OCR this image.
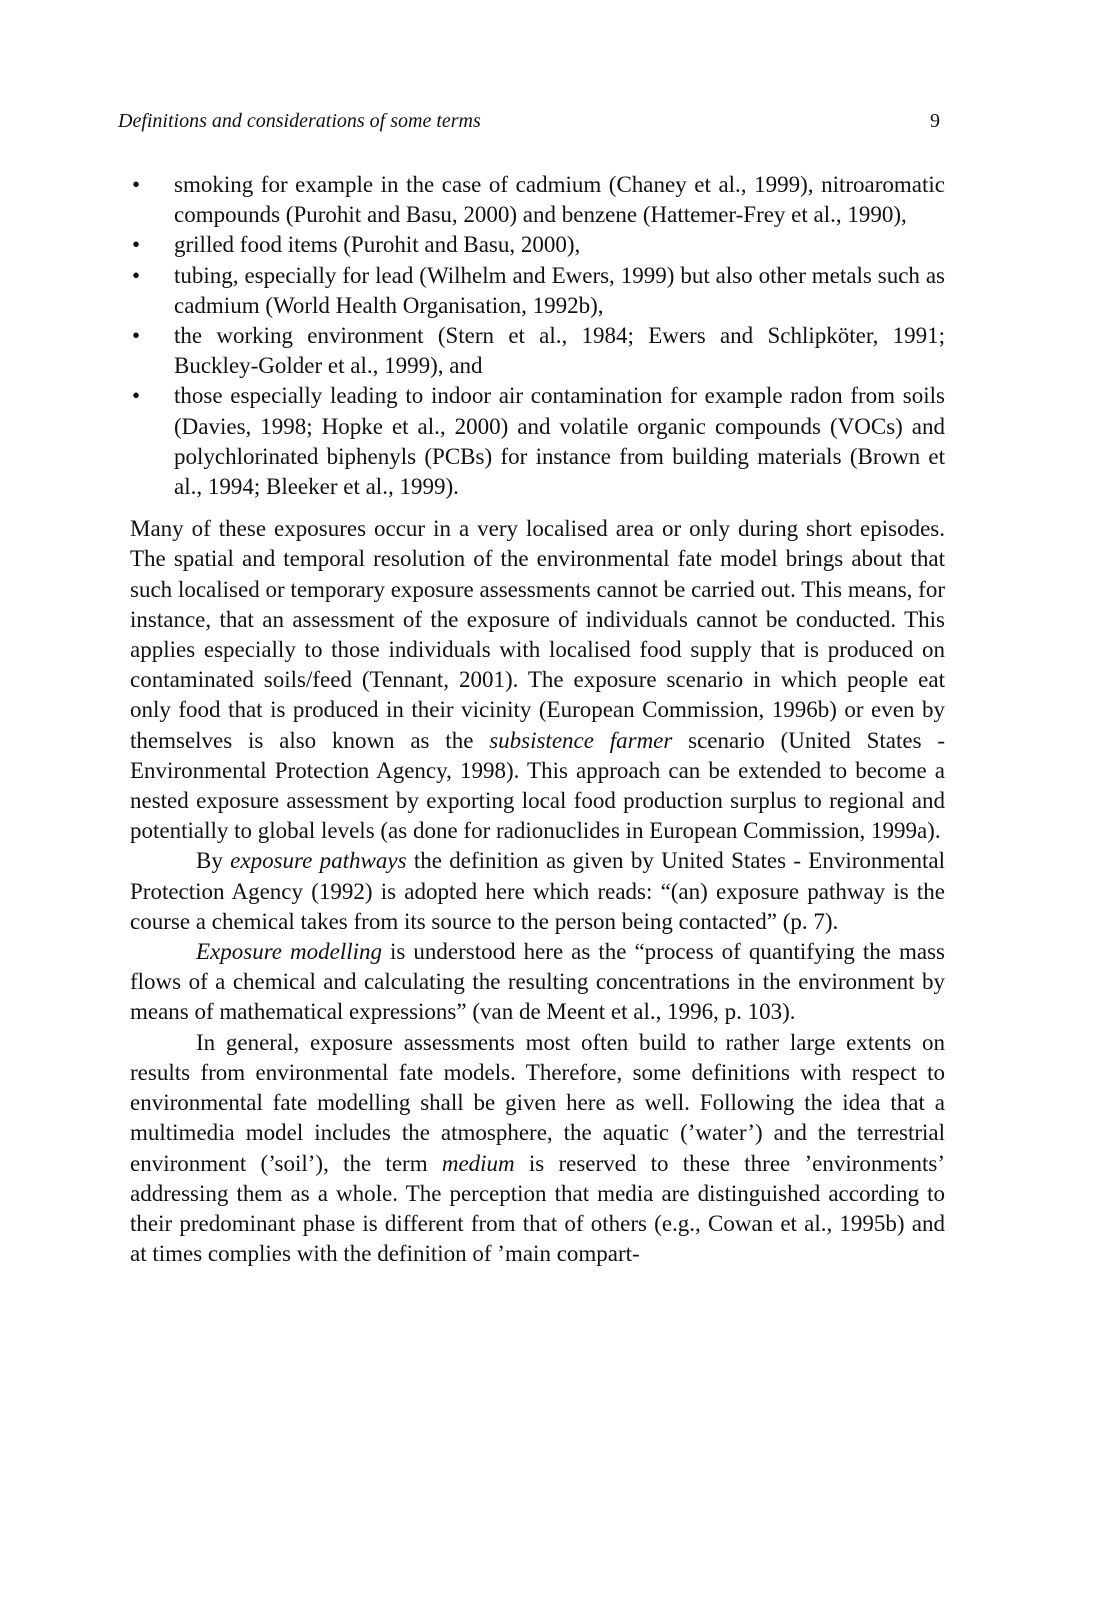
Definitions and considerations of some terms	9
• smoking for example in the case of cadmium (Chaney et al., 1999), nitroaromatic compounds (Purohit and Basu, 2000) and benzene (Hattemer-Frey et al., 1990),
• grilled food items (Purohit and Basu, 2000),
• tubing, especially for lead (Wilhelm and Ewers, 1999) but also other metals such as cadmium (World Health Organisation, 1992b),
• the working environment (Stern et al., 1984; Ewers and Schlipköter, 1991; Buckley-Golder et al., 1999), and
• those especially leading to indoor air contamination for example radon from soils (Davies, 1998; Hopke et al., 2000) and volatile organic compounds (VOCs) and polychlorinated biphenyls (PCBs) for instance from building materials (Brown et al., 1994; Bleeker et al., 1999).

Many of these exposures occur in a very localised area or only during short episodes. The spatial and temporal resolution of the environmental fate model brings about that such localised or temporary exposure assessments cannot be carried out. This means, for instance, that an assessment of the exposure of individuals cannot be conducted. This applies especially to those individuals with localised food supply that is produced on contaminated soils/feed (Tennant, 2001). The exposure scenario in which people eat only food that is produced in their vicinity (European Commission, 1996b) or even by themselves is also known as the subsistence farmer scenario (United States - Environmental Protection Agency, 1998). This approach can be extended to become a nested exposure assessment by exporting local food production surplus to regional and potentially to global levels (as done for radionuclides in European Commission, 1999a).

By exposure pathways the definition as given by United States - Environmental Protection Agency (1992) is adopted here which reads: “(an) exposure pathway is the course a chemical takes from its source to the person being contacted” (p. 7).

Exposure modelling is understood here as the “process of quantifying the mass flows of a chemical and calculating the resulting concentrations in the environment by means of mathematical expressions” (van de Meent et al., 1996, p. 103).

In general, exposure assessments most often build to rather large extents on results from environmental fate models. Therefore, some definitions with respect to environmental fate modelling shall be given here as well. Following the idea that a multimedia model includes the atmosphere, the aquatic (’water’) and the terrestrial environment (’soil’), the term medium is reserved to these three ’environments’ addressing them as a whole. The perception that media are distinguished according to their predominant phase is different from that of others (e.g., Cowan et al., 1995b) and at times complies with the definition of ’main compart-
